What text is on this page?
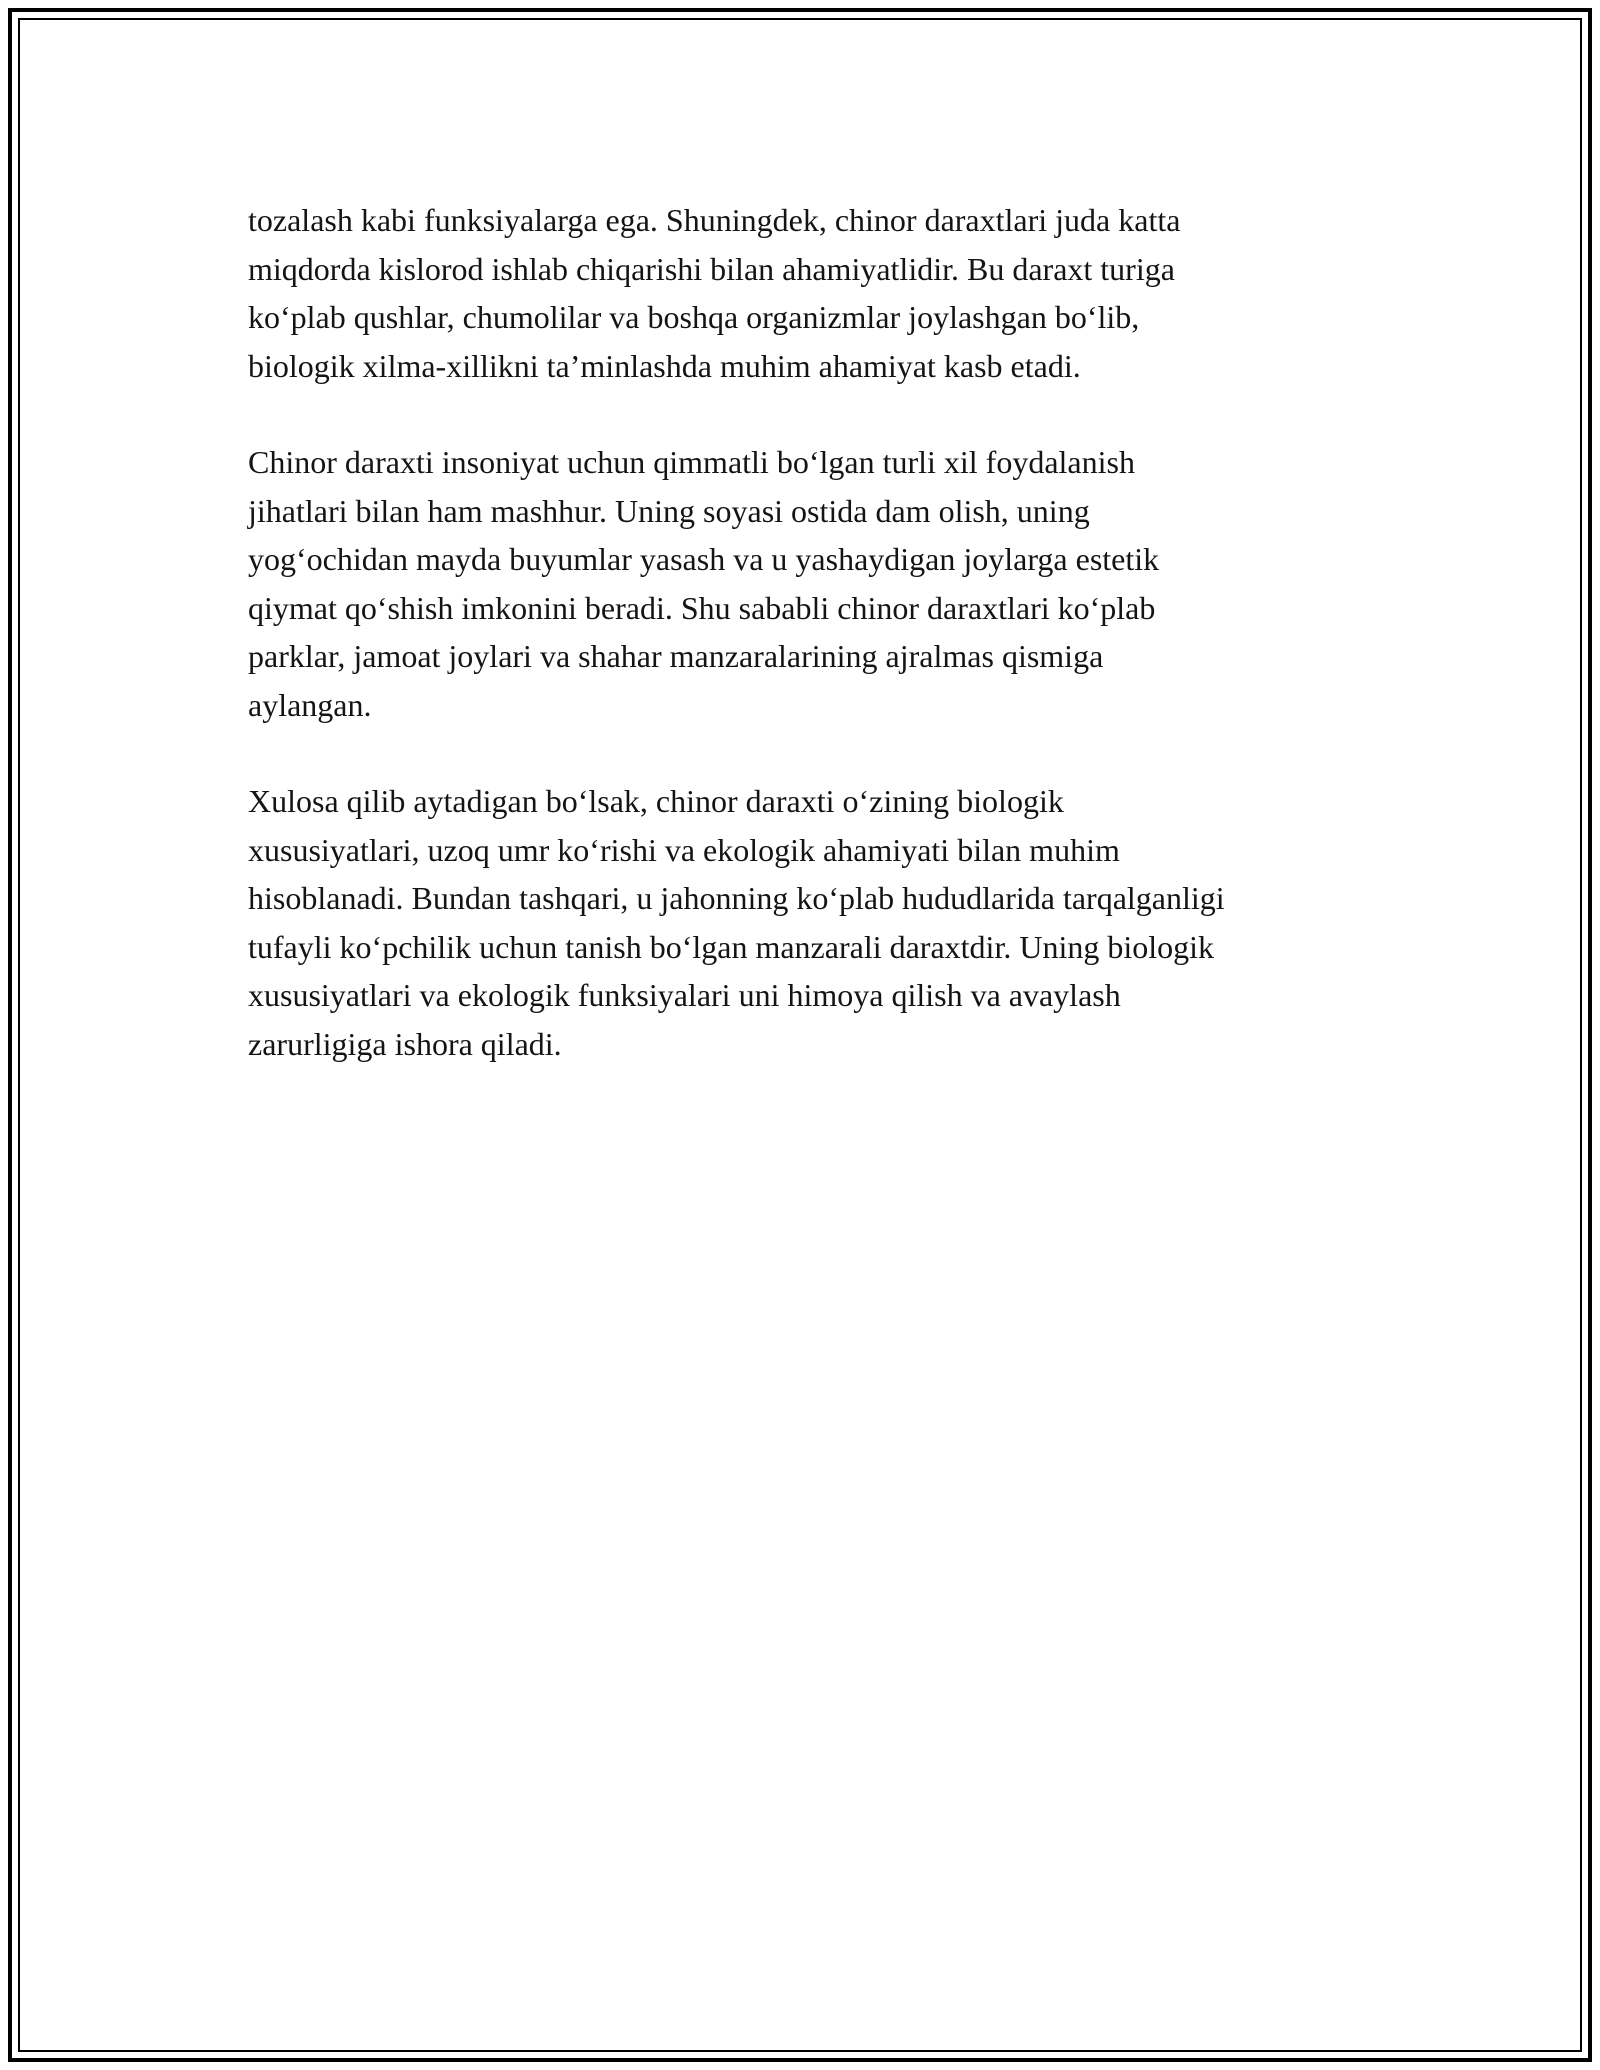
tozalash kabi funksiyalarga ega. Shuningdek, chinor daraxtlari juda katta
miqdorda kislorod ishlab chiqarishi bilan ahamiyatlidir. Bu daraxt turiga
ko‘plab qushlar, chumolilar va boshqa organizmlar joylashgan bo‘lib,
biologik xilma-xillikni ta’minlashda muhim ahamiyat kasb etadi.

Chinor daraxti insoniyat uchun qimmatli bo‘lgan turli xil foydalanish
jihatlari bilan ham mashhur. Uning soyasi ostida dam olish, uning
yog‘ochidan mayda buyumlar yasash va u yashaydigan joylarga estetik
qiymat qo‘shish imkonini beradi. Shu sababli chinor daraxtlari ko‘plab
parklar, jamoat joylari va shahar manzaralarining ajralmas qismiga
aylangan.

Xulosa qilib aytadigan bo‘lsak, chinor daraxti o‘zining biologik
xususiyatlari, uzoq umr ko‘rishi va ekologik ahamiyati bilan muhim
hisoblanadi. Bundan tashqari, u jahonning ko‘plab hududlarida tarqalganligi
tufayli ko‘pchilik uchun tanish bo‘lgan manzarali daraxtdir. Uning biologik
xususiyatlari va ekologik funksiyalari uni himoya qilish va avaylash
zarurligiga ishora qiladi.
